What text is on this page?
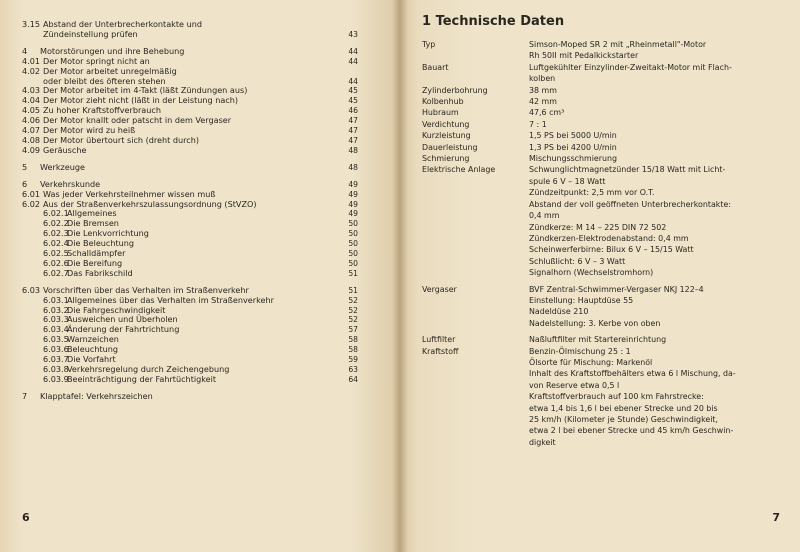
3.15 Abstand der Unterbrecherkontakte und
Zündeinstellung prüfen	43
4 Motorstörungen und ihre Behebung	44
4.01 Der Motor springt nicht an	44
4.02 Der Motor arbeitet unregelmäßig
oder bleibt des öfteren stehen	44
4.03 Der Motor arbeitet im 4-Takt (läßt Zündungen aus)	45
4.04 Der Motor zieht nicht (läßt in der Leistung nach)	45
4.05 Zu hoher Kraftstoffverbrauch	46
4.06 Der Motor knallt oder patscht in dem Vergaser	47
4.07 Der Motor wird zu heiß	47
4.08 Der Motor übertourt sich (dreht durch)	47
4.09 Geräusche	48
5 Werkzeuge	48
6 Verkehrskunde	49
6.01 Was jeder Verkehrsteilnehmer wissen muß	49
6.02 Aus der Straßenverkehrszulassungsordnung (StVZO)	49
6.02.1Allgemeines	49
6.02.2Die Bremsen	50
6.02.3Die Lenkvorrichtung	50
6.02.4Die Beleuchtung	50
6.02.5Schalldämpfer	50
6.02.6Die Bereifung	50
6.02.7Das Fabrikschild	51
6.03 Vorschriften über das Verhalten im Straßenverkehr	51
6.03.1Allgemeines über das Verhalten im Straßenverkehr	52
6.03.2Die Fahrgeschwindigkeit	52
6.03.3Ausweichen und Überholen	52
6.03.4Änderung der Fahrtrichtung	57
6.03.5Warnzeichen	58
6.03.6Beleuchtung	58
6.03.7Die Vorfahrt	59
6.03.8Verkehrsregelung durch Zeichengebung	63
6.03.9Beeinträchtigung der Fahrtüchtigkeit	64
7 Klapptafel: Verkehrszeichen
6
1 Technische Daten
Typ	Simson-Moped SR 2 mit „Rheinmetall"-Motor

Rh 50II mit Pedalkickstarter

Bauart	Luftgekühlter Einzylinder-Zweitakt-Motor mit Flach-

kolben

Zylinderbohrung	38 mm

Kolbenhub	42 mm

Hubraum	47,6 cm³

Verdichtung	7 : 1

Kurzleistung	1,5 PS bei 5000 U/min

Dauerleistung	1,3 PS bei 4200 U/min

Schmierung	Mischungsschmierung

Elektrische Anlage	Schwunglichtmagnetzünder 15/18 Watt mit Licht-

spule 6 V – 18 Watt

Zündzeitpunkt: 2,5 mm vor O.T.

Abstand der voll geöffneten Unterbrecherkontakte:

0,4 mm

Zündkerze: M 14 – 225 DIN 72 502

Zündkerzen-Elektrodenabstand: 0,4 mm

Scheinwerferbirne: Bilux 6 V – 15/15 Watt

Schlußlicht: 6 V – 3 Watt

Signalhorn (Wechselstromhorn)

Vergaser	BVF Zentral-Schwimmer-Vergaser NKJ 122–4

Einstellung: Hauptdüse 55

Nadeldüse 210

Nadelstellung: 3. Kerbe von oben

Luftfilter	Naßluftfilter mit Startereinrichtung

Kraftstoff	Benzin-Ölmischung 25 : 1

Ölsorte für Mischung: Markenöl

Inhalt des Kraftstoffbehälters etwa 6 l Mischung, da-

von Reserve etwa 0,5 l

Kraftstoffverbrauch auf 100 km Fahrstrecke:

etwa 1,4 bis 1,6 l bei ebener Strecke und 20 bis

25 km/h (Kilometer je Stunde) Geschwindigkeit,

etwa 2 l bei ebener Strecke und 45 km/h Geschwin-

digkeit

7
